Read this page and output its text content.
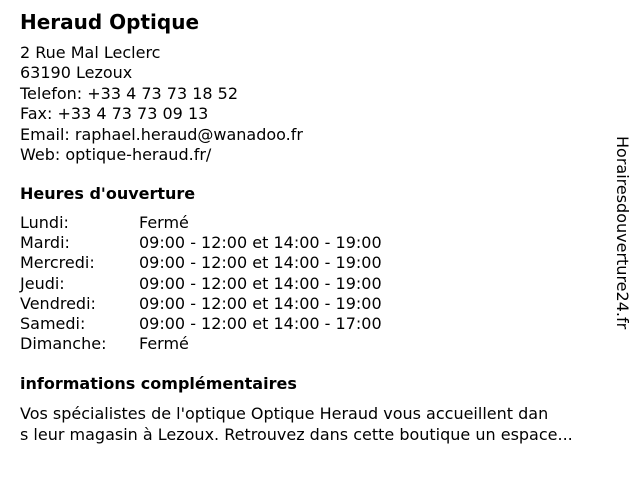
Heraud Optique
2 Rue Mal Leclerc
63190 Lezoux
Telefon: +33 4 73 73 18 52
Fax: +33 4 73 73 09 13
Email: raphael.heraud@wanadoo.fr
Web: optique-heraud.fr/
Heures d'ouverture
Lundi:	Fermé
Mardi:	09:00 - 12:00 et 14:00 - 19:00
Mercredi:	09:00 - 12:00 et 14:00 - 19:00
Jeudi:	09:00 - 12:00 et 14:00 - 19:00
Vendredi:	09:00 - 12:00 et 14:00 - 19:00
Samedi:	09:00 - 12:00 et 14:00 - 17:00
Dimanche:	Fermé
informations complémentaires
Vos spécialistes de l'optique Optique Heraud vous accueillent dan
s leur magasin à Lezoux. Retrouvez dans cette boutique un espace...
Horairesdouverture24.fr
